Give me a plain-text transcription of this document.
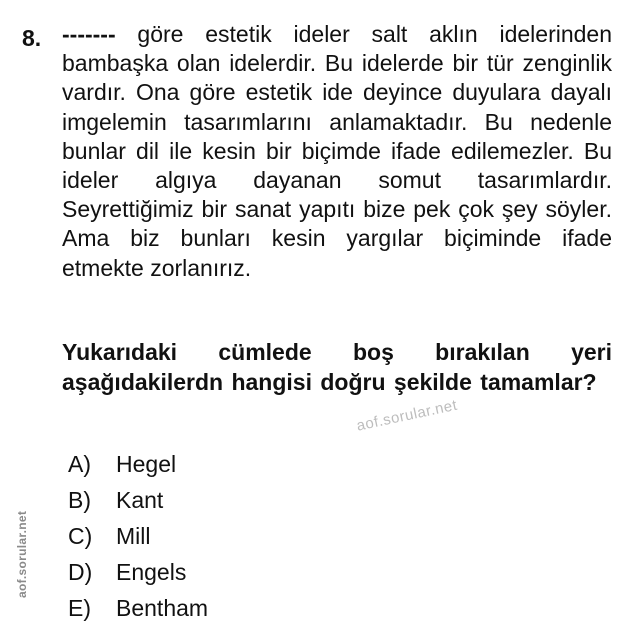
8. ------- göre estetik ideler salt aklın idelerinden bambaşka olan idelerdir. Bu idelerde bir tür zenginlik vardır. Ona göre estetik ide deyince duyulara dayalı imgelemin tasarımlarını anlamaktadır. Bu nedenle bunlar dil ile kesin bir biçimde ifade edilemezler. Bu ideler algıya dayanan somut tasarımlardır. Seyrettiğimiz bir sanat yapıtı bize pek çok şey söyler. Ama biz bunları kesin yargılar biçiminde ifade etmekte zorlanırız.
Yukarıdaki cümlede boş bırakılan yeri aşağıdakilerdn hangisi doğru şekilde tamamlar?
aof.sorular.net
A)	Hegel
B)	Kant
C)	Mill
D)	Engels
E)	Bentham
aof.sorular.net
